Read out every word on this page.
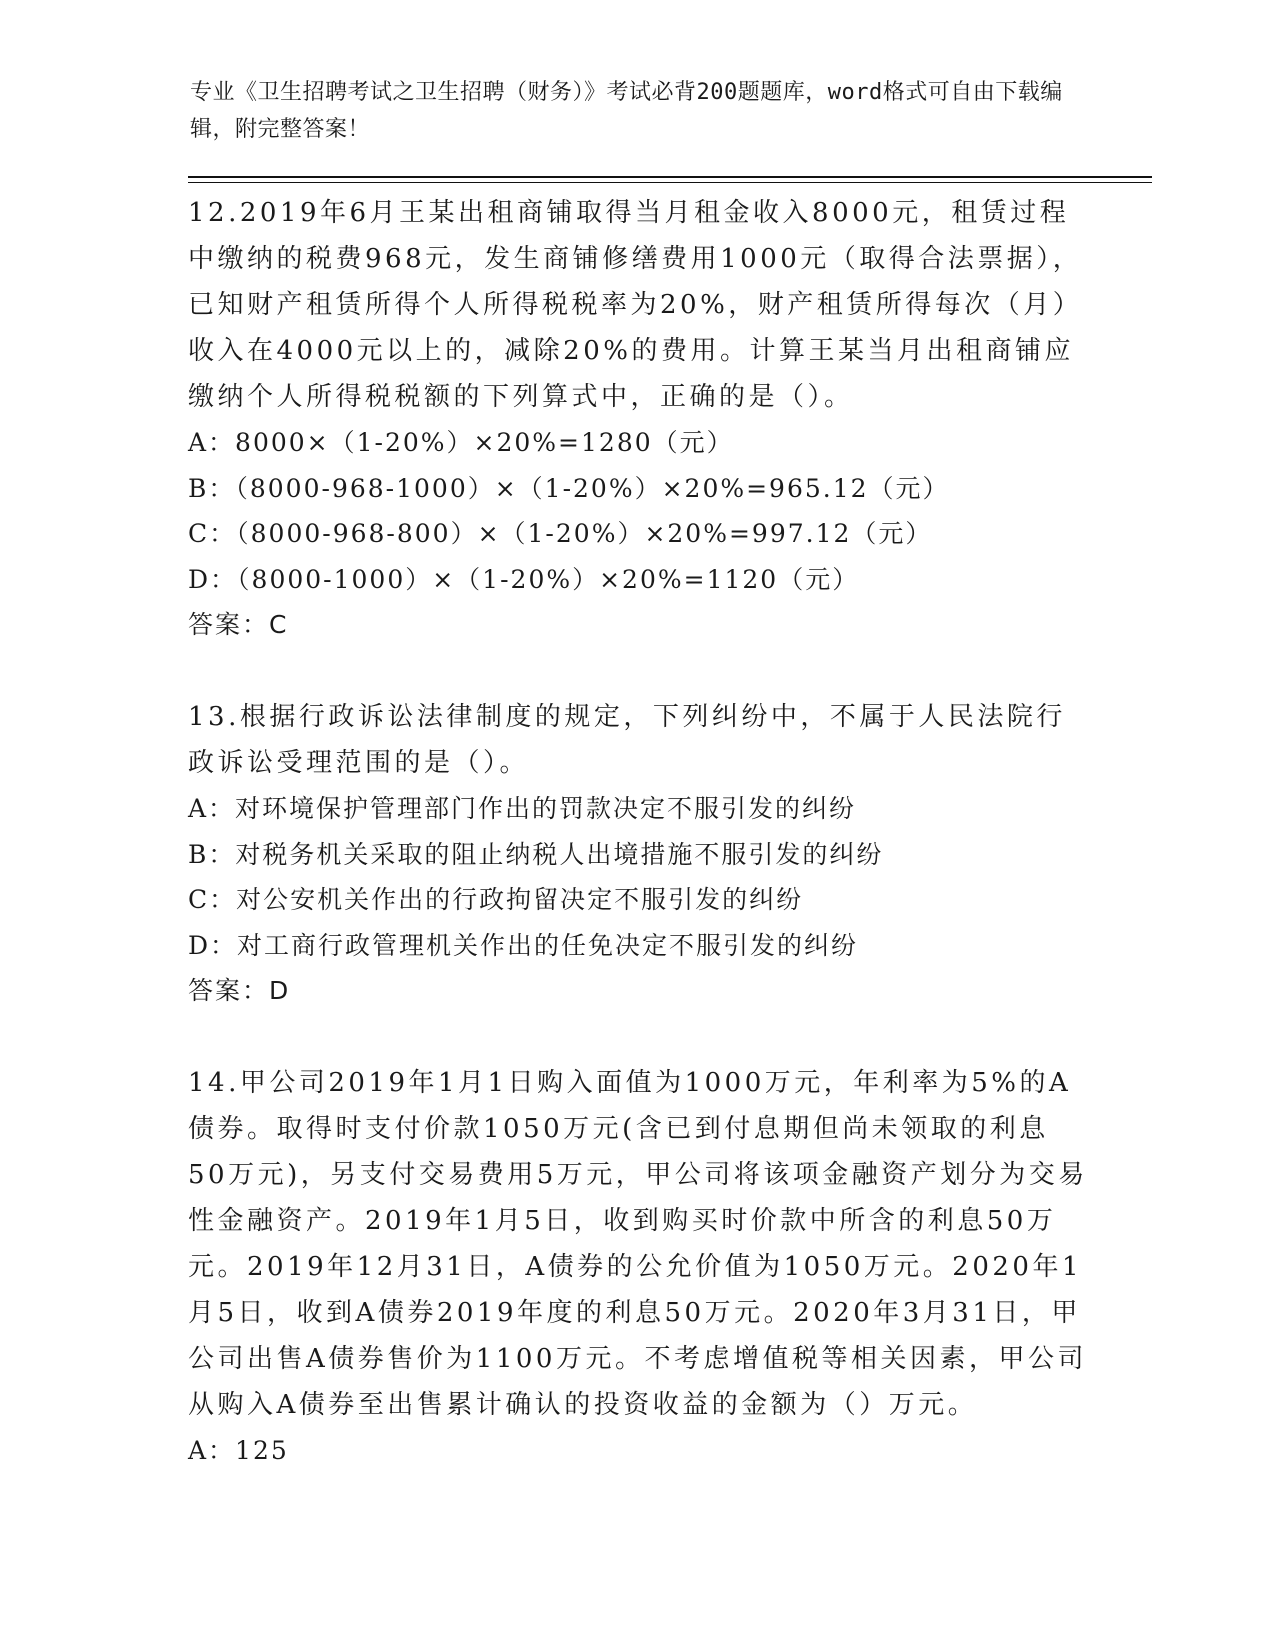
专业《卫生招聘考试之卫生招聘（财务）》考试必背200题题库，word格式可自由下载编辑，附完整答案！

12.2019年6月王某出租商铺取得当月租金收入8000元，租赁过程中缴纳的税费968元，发生商铺修缮费用1000元（取得合法票据），已知财产租赁所得个人所得税税率为20%，财产租赁所得每次（月）收入在4000元以上的，减除20%的费用。计算王某当月出租商铺应缴纳个人所得税税额的下列算式中，正确的是（）。

A：8000×（1-20%）×20%=1280（元）

B：（8000-968-1000）×（1-20%）×20%=965.12（元）

C：（8000-968-800）×（1-20%）×20%=997.12（元）

D：（8000-1000）×（1-20%）×20%=1120（元）

答案：C

13.根据行政诉讼法律制度的规定，下列纠纷中，不属于人民法院行政诉讼受理范围的是（）。

A：对环境保护管理部门作出的罚款决定不服引发的纠纷

B：对税务机关采取的阻止纳税人出境措施不服引发的纠纷

C：对公安机关作出的行政拘留决定不服引发的纠纷

D：对工商行政管理机关作出的任免决定不服引发的纠纷

答案：D

14.甲公司2019年1月1日购入面值为1000万元，年利率为5%的A债券。取得时支付价款1050万元(含已到付息期但尚未领取的利息50万元)，另支付交易费用5万元，甲公司将该项金融资产划分为交易性金融资产。2019年1月5日，收到购买时价款中所含的利息50万元。2019年12月31日，A债券的公允价值为1050万元。2020年1月5日，收到A债券2019年度的利息50万元。2020年3月31日，甲公司出售A债券售价为1100万元。不考虑增值税等相关因素，甲公司从购入A债券至出售累计确认的投资收益的金额为（）万元。

A：125
